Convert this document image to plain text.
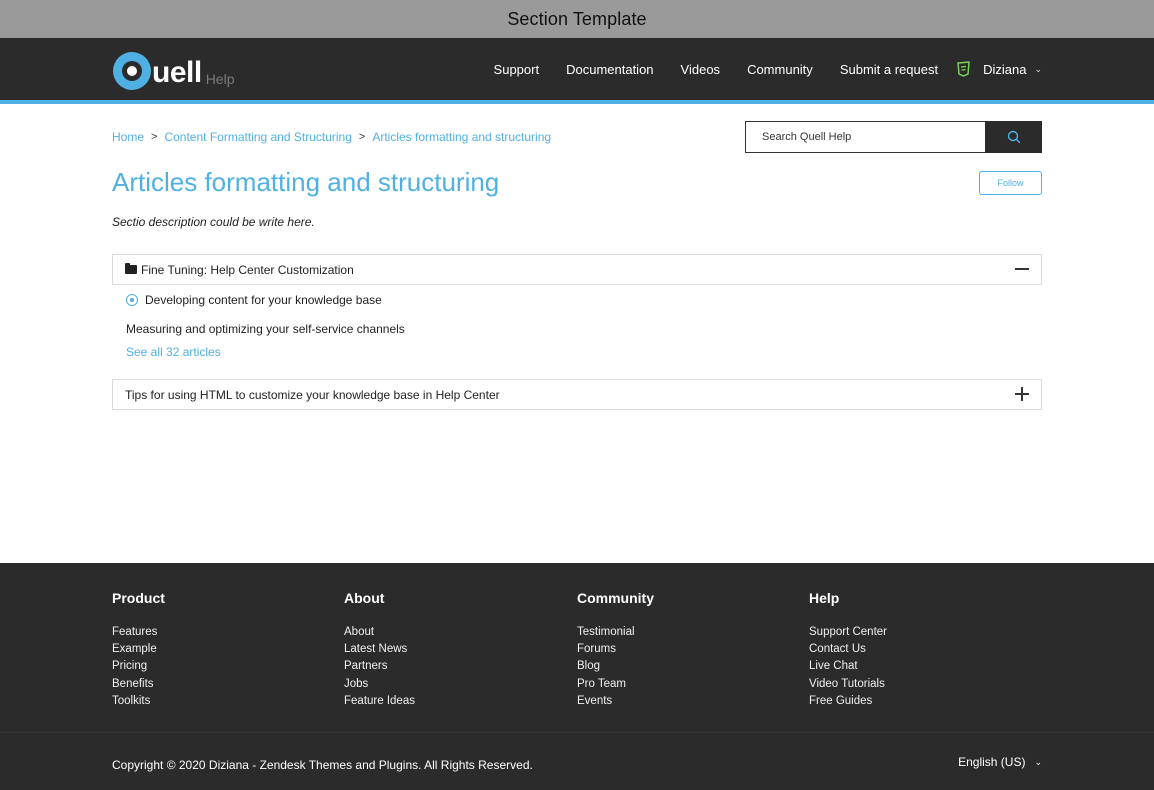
Section Template
uell Help
Support Documentation Videos Community Submit a request	Diziana ⌄
Home > Content Formatting and Structuring > Articles formatting and structuring
Search Quell Help
Articles formatting and structuring	Follow

Sectio description could be write here.

Fine Tuning: Help Center Customization
Developing content for your knowledge base
Measuring and optimizing your self-service channels
See all 32 articles
Tips for using HTML to customize your knowledge base in Help Center
Product
Features
Example
Pricing
Benefits
Toolkits
About
About
Latest News
Partners
Jobs
Feature Ideas
Community
Testimonial
Forums
Blog
Pro Team
Events
Help
Support Center
Contact Us
Live Chat
Video Tutorials
Free Guides

Copyright © 2020 Diziana - Zendesk Themes and Plugins. All Rights Reserved.	English (US) ⌄
